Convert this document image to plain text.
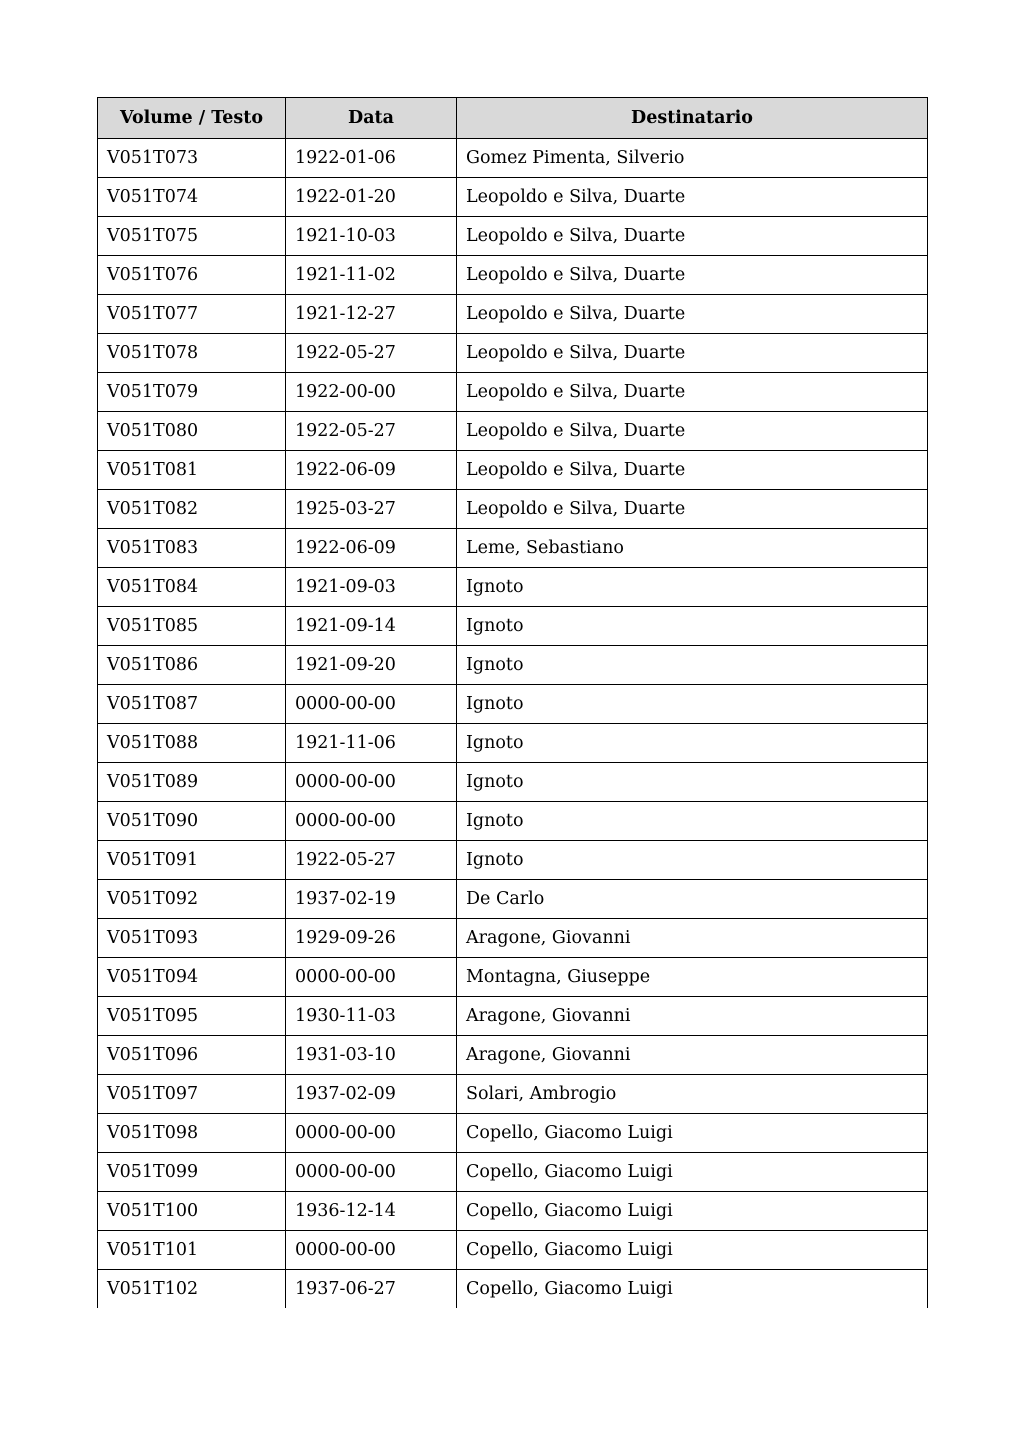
Volume / Testo	Data	Destinatario
V051T073	1922-01-06	Gomez Pimenta, Silverio
V051T074	1922-01-20	Leopoldo e Silva, Duarte
V051T075	1921-10-03	Leopoldo e Silva, Duarte
V051T076	1921-11-02	Leopoldo e Silva, Duarte
V051T077	1921-12-27	Leopoldo e Silva, Duarte
V051T078	1922-05-27	Leopoldo e Silva, Duarte
V051T079	1922-00-00	Leopoldo e Silva, Duarte
V051T080	1922-05-27	Leopoldo e Silva, Duarte
V051T081	1922-06-09	Leopoldo e Silva, Duarte
V051T082	1925-03-27	Leopoldo e Silva, Duarte
V051T083	1922-06-09	Leme, Sebastiano
V051T084	1921-09-03	Ignoto
V051T085	1921-09-14	Ignoto
V051T086	1921-09-20	Ignoto
V051T087	0000-00-00	Ignoto
V051T088	1921-11-06	Ignoto
V051T089	0000-00-00	Ignoto
V051T090	0000-00-00	Ignoto
V051T091	1922-05-27	Ignoto
V051T092	1937-02-19	De Carlo
V051T093	1929-09-26	Aragone, Giovanni
V051T094	0000-00-00	Montagna, Giuseppe
V051T095	1930-11-03	Aragone, Giovanni
V051T096	1931-03-10	Aragone, Giovanni
V051T097	1937-02-09	Solari, Ambrogio
V051T098	0000-00-00	Copello, Giacomo Luigi
V051T099	0000-00-00	Copello, Giacomo Luigi
V051T100	1936-12-14	Copello, Giacomo Luigi
V051T101	0000-00-00	Copello, Giacomo Luigi
V051T102	1937-06-27	Copello, Giacomo Luigi
